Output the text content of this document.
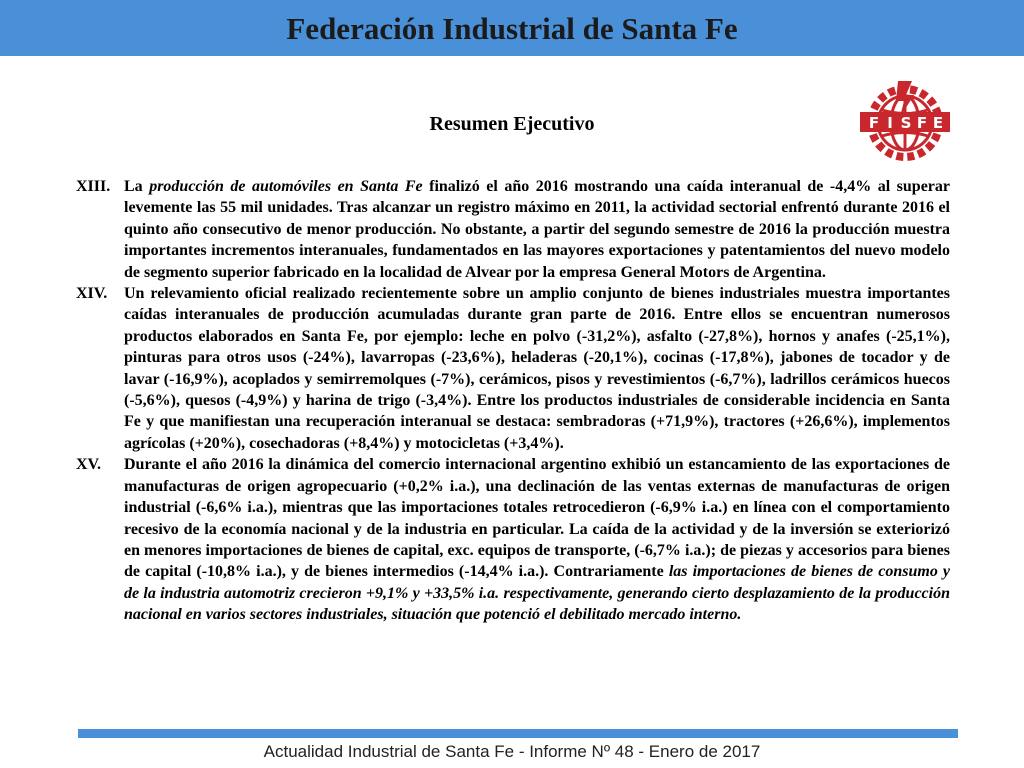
Federación Industrial de Santa Fe
Resumen Ejecutivo	F I S F E
XIII. La producción de automóviles en Santa Fe finalizó el año 2016 mostrando una caída interanual de -4,4% al superar levemente las 55 mil unidades. Tras alcanzar un registro máximo en 2011, la actividad sectorial enfrentó durante 2016 el quinto año consecutivo de menor producción. No obstante, a partir del segundo semestre de 2016 la producción muestra importantes incrementos interanuales, fundamentados en las mayores exportaciones y patentamientos del nuevo modelo de segmento superior fabricado en la localidad de Alvear por la empresa General Motors de Argentina.
XIV.	Un relevamiento oficial realizado recientemente sobre un amplio conjunto de bienes industriales muestra importantes caídas interanuales de producción acumuladas durante gran parte de 2016. Entre ellos se encuentran numerosos productos elaborados en Santa Fe, por ejemplo: leche en polvo (-31,2%), asfalto (-27,8%), hornos y anafes (-25,1%), pinturas para otros usos (-24%), lavarropas (-23,6%), heladeras (-20,1%), cocinas (-17,8%), jabones de tocador y de lavar (-16,9%), acoplados y semirremolques (-7%), cerámicos, pisos y revestimientos (-6,7%), ladrillos cerámicos huecos (-5,6%), quesos (-4,9%) y harina de trigo (-3,4%). Entre los productos industriales de considerable incidencia en Santa Fe y que manifiestan una recuperación interanual se destaca: sembradoras (+71,9%), tractores (+26,6%), implementos agrícolas (+20%), cosechadoras (+8,4%) y motocicletas (+3,4%).
XV.	Durante el año 2016 la dinámica del comercio internacional argentino exhibió un estancamiento de las exportaciones de manufacturas de origen agropecuario (+0,2% i.a.), una declinación de las ventas externas de manufacturas de origen industrial (-6,6% i.a.), mientras que las importaciones totales retrocedieron (-6,9% i.a.) en línea con el comportamiento recesivo de la economía nacional y de la industria en particular. La caída de la actividad y de la inversión se exteriorizó en menores importaciones de bienes de capital, exc. equipos de transporte, (-6,7% i.a.); de piezas y accesorios para bienes de capital (-10,8% i.a.), y de bienes intermedios (-14,4% i.a.). Contrariamente las importaciones de bienes de consumo y de la industria automotriz crecieron +9,1% y +33,5% i.a. respectivamente, generando cierto desplazamiento de la producción nacional en varios sectores industriales, situación que potenció el debilitado mercado interno.
Actualidad Industrial de Santa Fe - Informe Nº 48 - Enero de 2017
